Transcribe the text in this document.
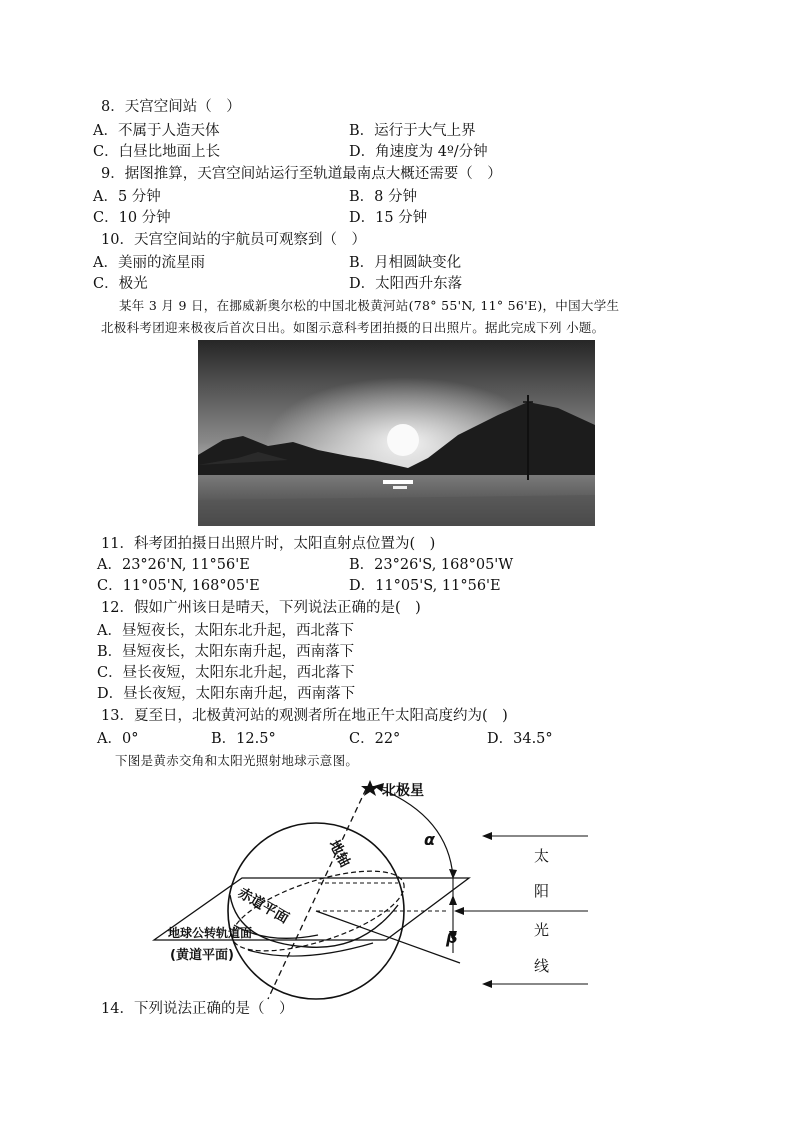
8．天宫空间站（　）
A．不属于人造天体	B．运行于大气上界
C．白昼比地面上长	D．角速度为 4º/分钟
9．据图推算，天宫空间站运行至轨道最南点大概还需要（　）
A．5 分钟	B．8 分钟
C．10 分钟	D．15 分钟
10．天宫空间站的宇航员可观察到（　）
A．美丽的流星雨	B．月相圆缺变化
C．极光	D．太阳西升东落
某年 3 月 9 日，在挪威新奥尔松的中国北极黄河站(78° 55'N, 11° 56'E)，中国大学生
北极科考团迎来极夜后首次日出。如图示意科考团拍摄的日出照片。据此完成下列 小题。
11．科考团拍摄日出照片时，太阳直射点位置为(　)
A．23°26'N, 11°56'E	B．23°26'S, 168°05'W
C．11°05'N, 168°05'E	D．11°05'S, 11°56'E
12．假如广州该日是晴天，下列说法正确的是(　)
A．昼短夜长，太阳东北升起，西北落下
B．昼短夜长，太阳东南升起，西南落下
C．昼长夜短，太阳东北升起，西北落下
D．昼长夜短，太阳东南升起，西南落下
13．夏至日，北极黄河站的观测者所在地正午太阳高度约为(　)
A．0°	B．12.5°	C．22°	D．34.5°
下图是黄赤交角和太阳光照射地球示意图。
北极星
α
β
地轴
赤道平面
地球公转轨道面
(黄道平面)
太
阳
光
线
14．下列说法正确的是（　）
